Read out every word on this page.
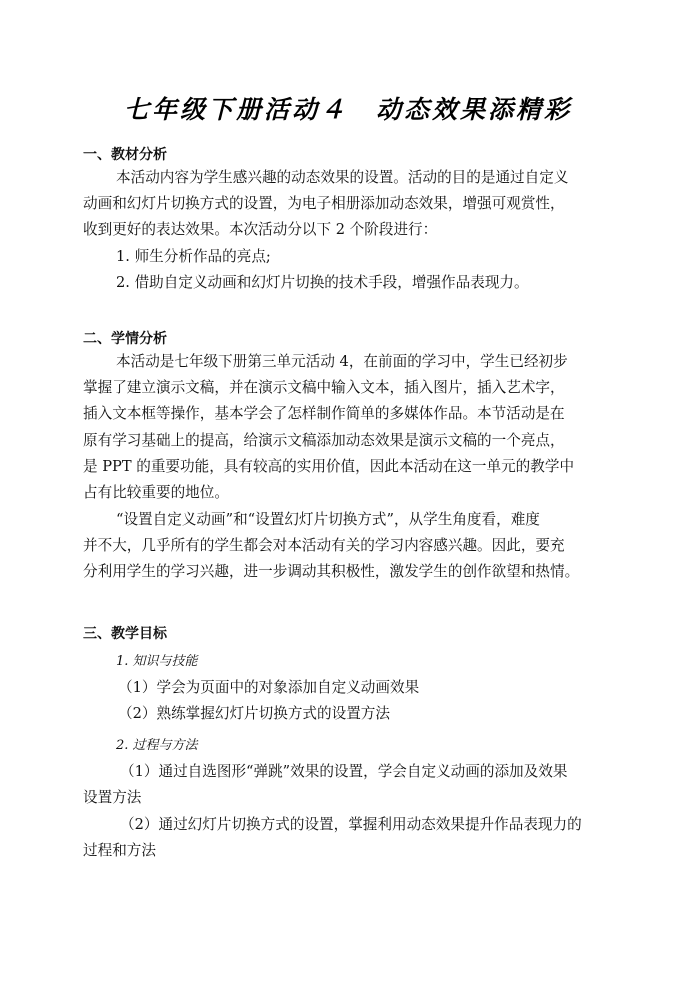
七年级下册活动４　动态效果添精彩
一、教材分析
本活动内容为学生感兴趣的动态效果的设置。活动的目的是通过自定义
动画和幻灯片切换方式的设置，为电子相册添加动态效果，增强可观赏性，
收到更好的表达效果。本次活动分以下 2 个阶段进行：
1. 师生分析作品的亮点;
2. 借助自定义动画和幻灯片切换的技术手段，增强作品表现力。
二、学情分析
本活动是七年级下册第三单元活动 4，在前面的学习中，学生已经初步
掌握了建立演示文稿，并在演示文稿中输入文本，插入图片，插入艺术字，
插入文本框等操作，基本学会了怎样制作简单的多媒体作品。本节活动是在
原有学习基础上的提高，给演示文稿添加动态效果是演示文稿的一个亮点，
是 PPT 的重要功能，具有较高的实用价值，因此本活动在这一单元的教学中
占有比较重要的地位。
“设置自定义动画”和“设置幻灯片切换方式”，从学生角度看，难度
并不大，几乎所有的学生都会对本活动有关的学习内容感兴趣。因此，要充
分利用学生的学习兴趣，进一步调动其积极性，激发学生的创作欲望和热情。
三、教学目标
1. 知识与技能
（1）学会为页面中的对象添加自定义动画效果
（2）熟练掌握幻灯片切换方式的设置方法
2. 过程与方法
（1）通过自选图形“弹跳”效果的设置，学会自定义动画的添加及效果
设置方法
（2）通过幻灯片切换方式的设置，掌握利用动态效果提升作品表现力的
过程和方法
